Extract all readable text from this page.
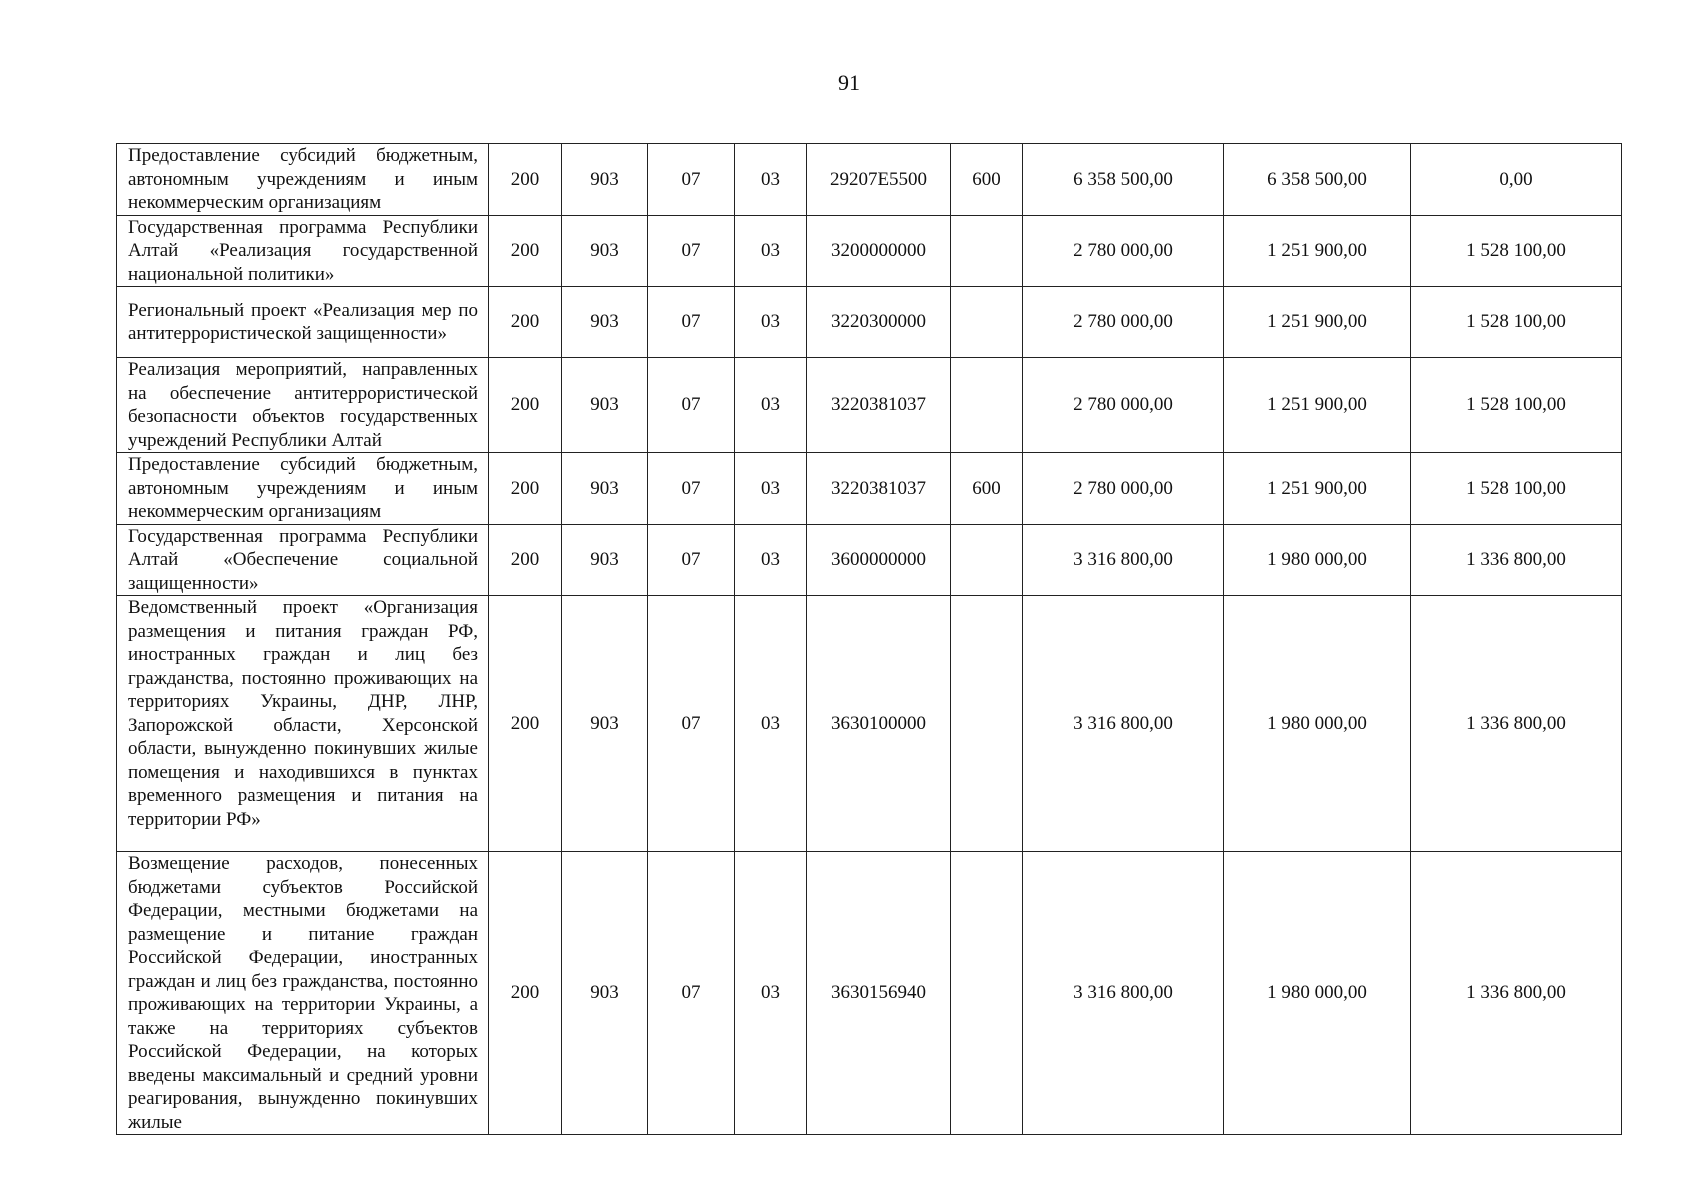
91
Предоставление субсидий бюджетным, автономным учреждениям и иным некоммерческим организациям	200	903	07	03	29207E5500	600	6 358 500,00	6 358 500,00	0,00
Государственная программа Республики Алтай «Реализация государственной национальной политики»	200	903	07	03	3200000000		2 780 000,00	1 251 900,00	1 528 100,00
Региональный проект «Реализация мер по антитеррористической защищенности»	200	903	07	03	3220300000		2 780 000,00	1 251 900,00	1 528 100,00
Реализация мероприятий, направленных на обеспечение антитеррористической безопасности объектов государственных учреждений Республики Алтай	200	903	07	03	3220381037		2 780 000,00	1 251 900,00	1 528 100,00
Предоставление субсидий бюджетным, автономным учреждениям и иным некоммерческим организациям	200	903	07	03	3220381037	600	2 780 000,00	1 251 900,00	1 528 100,00
Государственная программа Республики Алтай «Обеспечение социальной защищенности»	200	903	07	03	3600000000		3 316 800,00	1 980 000,00	1 336 800,00
Ведомственный проект «Организация размещения и питания граждан РФ, иностранных граждан и лиц без гражданства, постоянно проживающих на территориях Украины, ДНР, ЛНР, Запорожской области, Херсонской области, вынужденно покинувших жилые помещения и находившихся в пунктах временного размещения и питания на территории РФ»	200	903	07	03	3630100000		3 316 800,00	1 980 000,00	1 336 800,00
Возмещение расходов, понесенных бюджетами субъектов Российской Федерации, местными бюджетами на размещение и питание граждан Российской Федерации, иностранных граждан и лиц без гражданства, постоянно проживающих на территории Украины, а также на территориях субъектов Российской Федерации, на которых введены максимальный и средний уровни реагирования, вынужденно покинувших жилые	200	903	07	03	3630156940		3 316 800,00	1 980 000,00	1 336 800,00
